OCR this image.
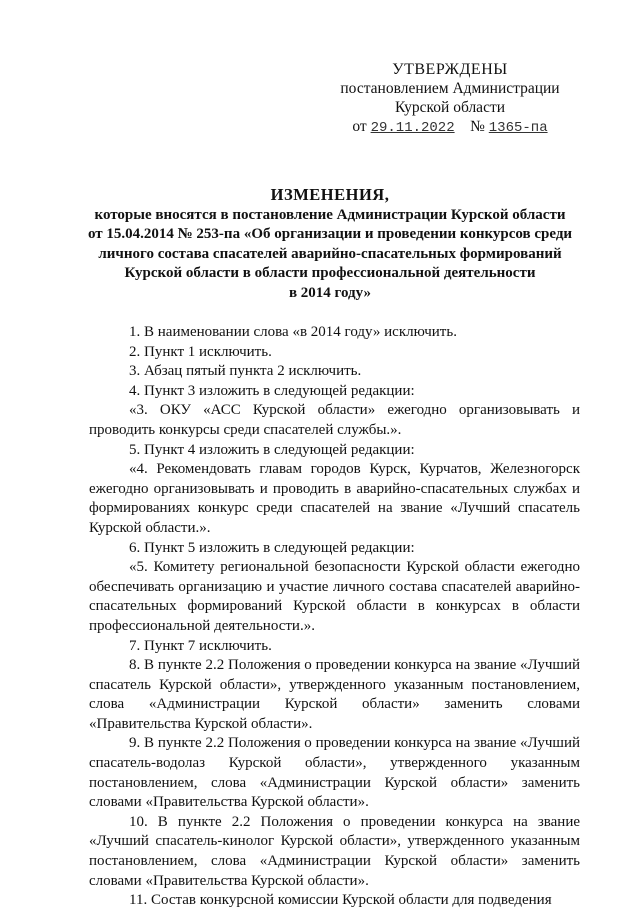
УТВЕРЖДЕНЫ
постановлением Администрации
Курской области
от 29.11.2022 № 1365-па
ИЗМЕНЕНИЯ,
которые вносятся в постановление Администрации Курской области
от 15.04.2014 № 253-па «Об организации и проведении конкурсов среди
личного состава спасателей аварийно-спасательных формирований
Курской области в области профессиональной деятельности
в 2014 году»

1. В наименовании слова «в 2014 году» исключить.

2. Пункт 1 исключить.

3. Абзац пятый пункта 2 исключить.

4. Пункт 3 изложить в следующей редакции:

«3. ОКУ «АСС Курской области» ежегодно организовывать и проводить конкурсы среди спасателей службы.».

5. Пункт 4 изложить в следующей редакции:

«4. Рекомендовать главам городов Курск, Курчатов, Железногорск ежегодно организовывать и проводить в аварийно-спасательных службах и формированиях конкурс среди спасателей на звание «Лучший спасатель Курской области.».

6. Пункт 5 изложить в следующей редакции:

«5. Комитету региональной безопасности Курской области ежегодно обеспечивать организацию и участие личного состава спасателей аварийно-спасательных формирований Курской области в конкурсах в области профессиональной деятельности.».

7. Пункт 7 исключить.

8. В пункте 2.2 Положения о проведении конкурса на звание «Лучший спасатель Курской области», утвержденного указанным постановлением, слова «Администрации Курской области» заменить словами «Правительства Курской области».

9. В пункте 2.2 Положения о проведении конкурса на звание «Лучший спасатель-водолаз Курской области», утвержденного указанным постановлением, слова «Администрации Курской области» заменить словами «Правительства Курской области».

10. В пункте 2.2 Положения о проведении конкурса на звание «Лучший спасатель-кинолог Курской области», утвержденного указанным постановлением, слова «Администрации Курской области» заменить словами «Правительства Курской области».

11. Состав конкурсной комиссии Курской области для подведения
